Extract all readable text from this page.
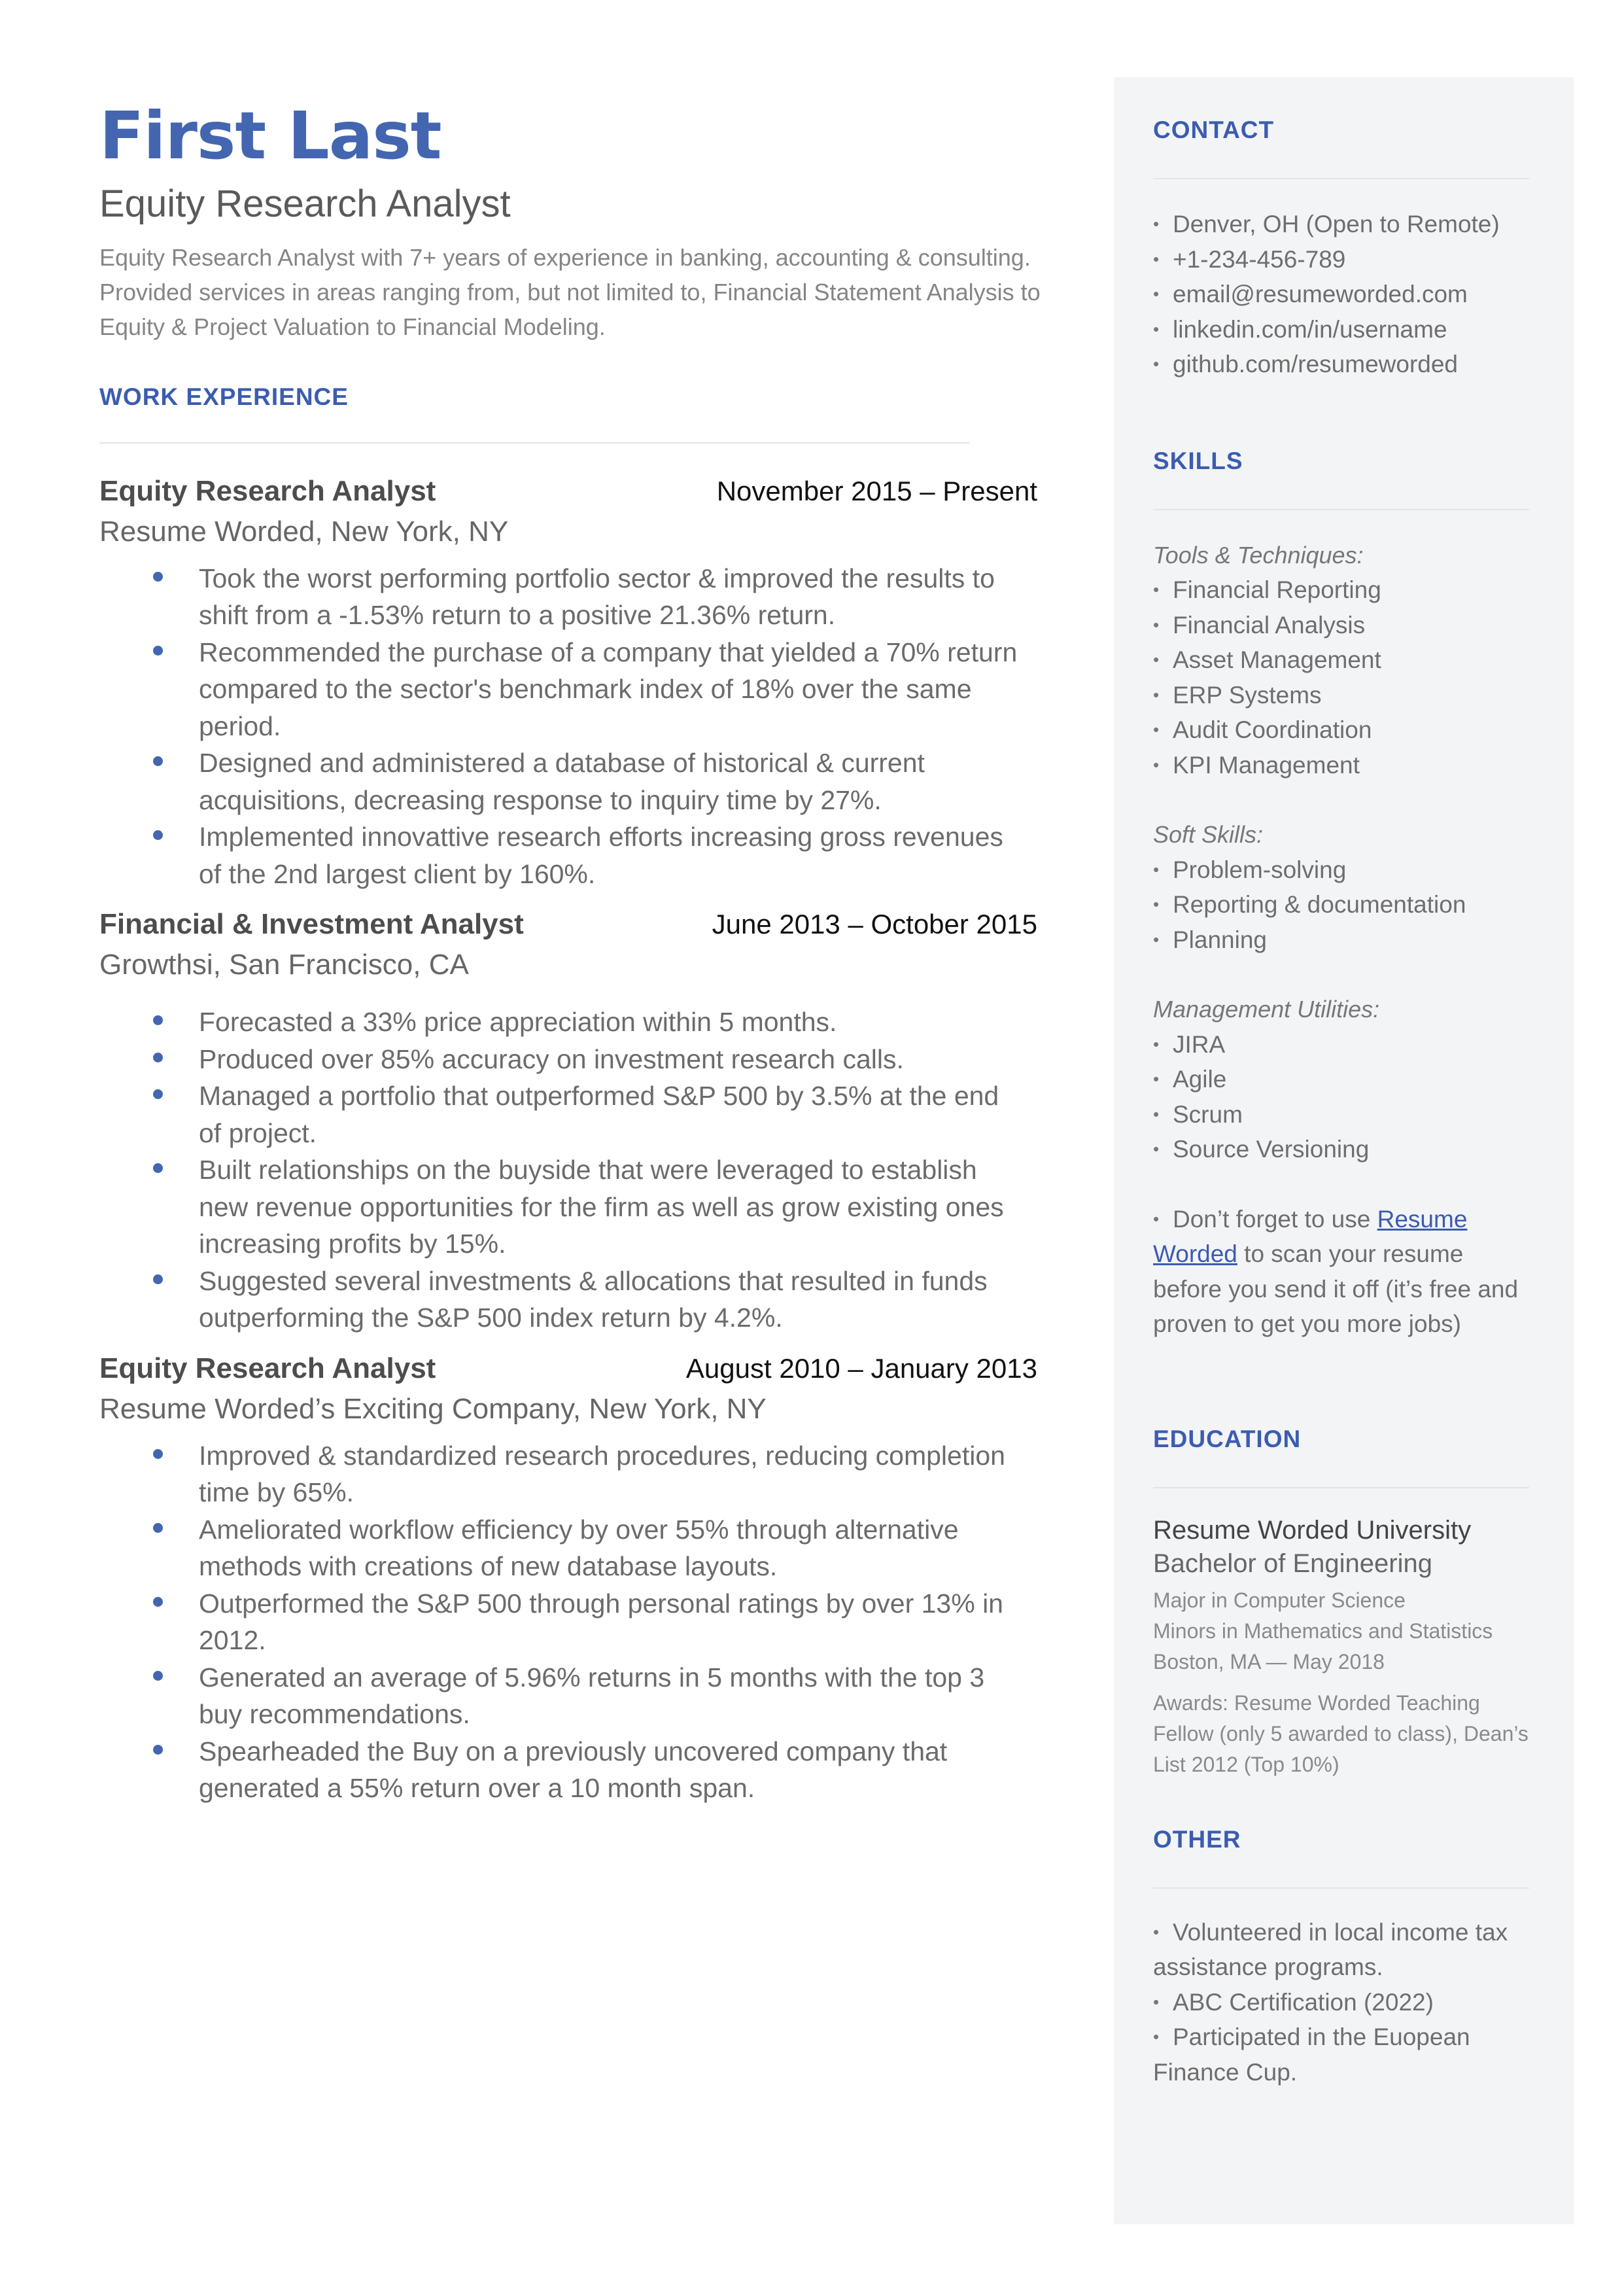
First Last
Equity Research Analyst
Equity Research Analyst with 7+ years of experience in banking, accounting & consulting. Provided services in areas ranging from, but not limited to, Financial Statement Analysis to Equity & Project Valuation to Financial Modeling.
WORK EXPERIENCE
Equity Research Analyst	November 2015 – Present
Resume Worded, New York, NY
Took the worst performing portfolio sector & improved the results to shift from a -1.53% return to a positive 21.36% return.
Recommended the purchase of a company that yielded a 70% return compared to the sector's benchmark index of 18% over the same period.
Designed and administered a database of historical & current acquisitions, decreasing response to inquiry time by 27%.
Implemented innovattive research efforts increasing gross revenues of the 2nd largest client by 160%.
Financial & Investment Analyst	June 2013 – October 2015
Growthsi, San Francisco, CA
Forecasted a 33% price appreciation within 5 months.
Produced over 85% accuracy on investment research calls.
Managed a portfolio that outperformed S&P 500 by 3.5% at the end of project.
Built relationships on the buyside that were leveraged to establish new revenue opportunities for the firm as well as grow existing ones increasing profits by 15%.
Suggested several investments & allocations that resulted in funds outperforming the S&P 500 index return by 4.2%.
Equity Research Analyst	August 2010 – January 2013
Resume Worded’s Exciting Company, New York, NY
Improved & standardized research procedures, reducing completion time by 65%.
Ameliorated workflow efficiency by over 55% through alternative methods with creations of new database layouts.
Outperformed the S&P 500 through personal ratings by over 13% in 2012.
Generated an average of 5.96% returns in 5 months with the top 3 buy recommendations.
Spearheaded the Buy on a previously uncovered company that generated a 55% return over a 10 month span.
CONTACT
• Denver, OH (Open to Remote)
• +1-234-456-789
• email@resumeworded.com
• linkedin.com/in/username
• github.com/resumeworded
SKILLS
Tools & Techniques:
• Financial Reporting
• Financial Analysis
• Asset Management
• ERP Systems
• Audit Coordination
• KPI Management
Soft Skills:
• Problem-solving
• Reporting & documentation
• Planning
Management Utilities:
• JIRA
• Agile
• Scrum
• Source Versioning
• Don’t forget to use Resume Worded to scan your resume before you send it off (it’s free and proven to get you more jobs)
EDUCATION
Resume Worded University
Bachelor of Engineering
Major in Computer Science
Minors in Mathematics and Statistics
Boston, MA — May 2018
Awards: Resume Worded Teaching Fellow (only 5 awarded to class), Dean’s List 2012 (Top 10%)
OTHER
• Volunteered in local income tax assistance programs.
• ABC Certification (2022)
• Participated in the Euopean Finance Cup.
